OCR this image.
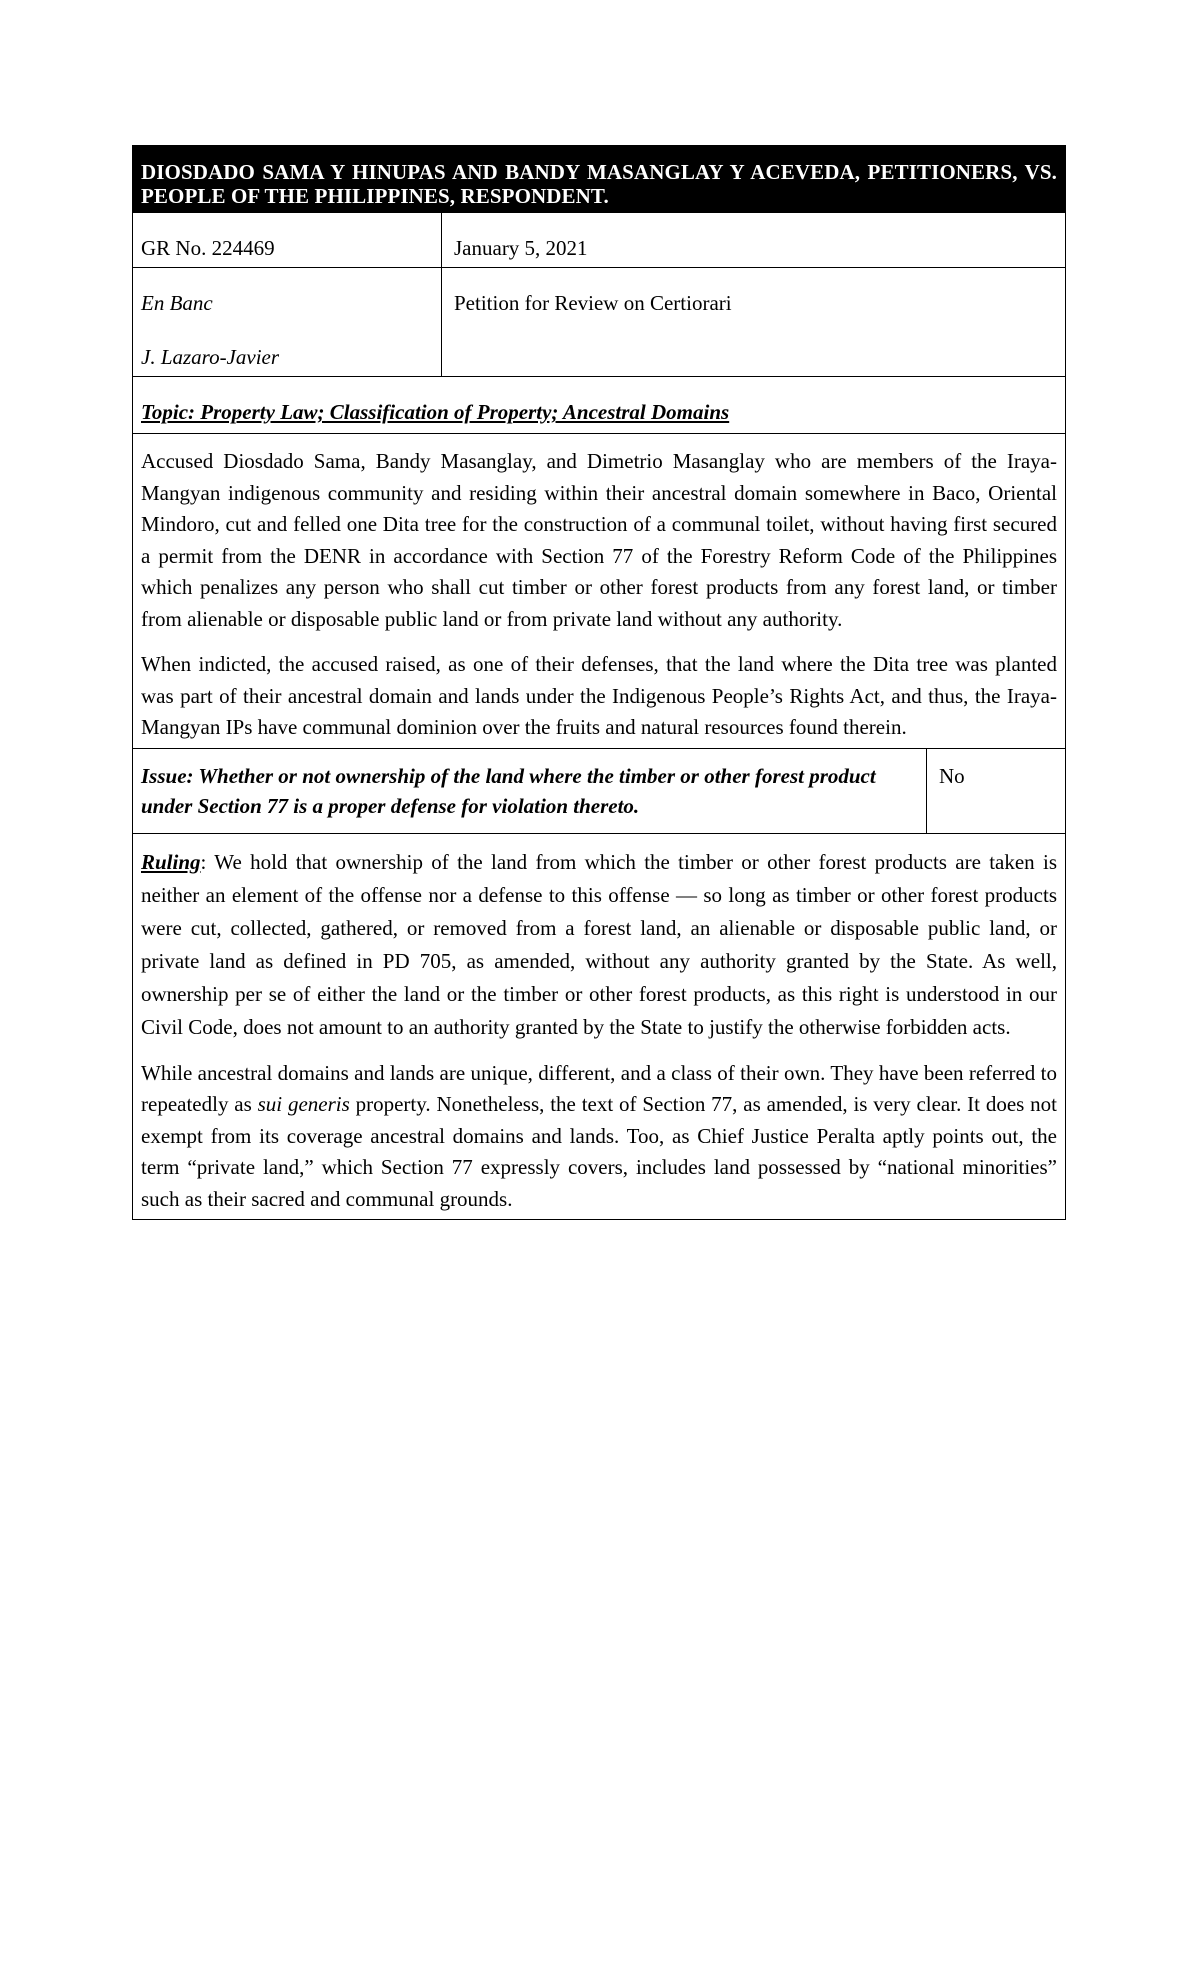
DIOSDADO SAMA Y HINUPAS AND BANDY MASANGLAY Y ACEVEDA, PETITIONERS, VS. PEOPLE OF THE PHILIPPINES, RESPONDENT.
GR No. 224469	January 5, 2021
En Banc
J. Lazaro-Javier
Petition for Review on Certiorari
Topic: Property Law; Classification of Property; Ancestral Domains

Accused Diosdado Sama, Bandy Masanglay, and Dimetrio Masanglay who are members of the Iraya-Mangyan indigenous community and residing within their ancestral domain somewhere in Baco, Oriental Mindoro, cut and felled one Dita tree for the construction of a communal toilet, without having first secured a permit from the DENR in accordance with Section 77 of the Forestry Reform Code of the Philippines which penalizes any person who shall cut timber or other forest products from any forest land, or timber from alienable or disposable public land or from private land without any authority.

When indicted, the accused raised, as one of their defenses, that the land where the Dita tree was planted was part of their ancestral domain and lands under the Indigenous People’s Rights Act, and thus, the Iraya-Mangyan IPs have communal dominion over the fruits and natural resources found therein.

Issue: Whether or not ownership of the land where the timber or other forest product under Section 77 is a proper defense for violation thereto.
No

Ruling: We hold that ownership of the land from which the timber or other forest products are taken is neither an element of the offense nor a defense to this offense — so long as timber or other forest products were cut, collected, gathered, or removed from a forest land, an alienable or disposable public land, or private land as defined in PD 705, as amended, without any authority granted by the State. As well, ownership per se of either the land or the timber or other forest products, as this right is understood in our Civil Code, does not amount to an authority granted by the State to justify the otherwise forbidden acts.

While ancestral domains and lands are unique, different, and a class of their own. They have been referred to repeatedly as sui generis property. Nonetheless, the text of Section 77, as amended, is very clear. It does not exempt from its coverage ancestral domains and lands. Too, as Chief Justice Peralta aptly points out, the term “private land,” which Section 77 expressly covers, includes land possessed by “national minorities” such as their sacred and communal grounds.
